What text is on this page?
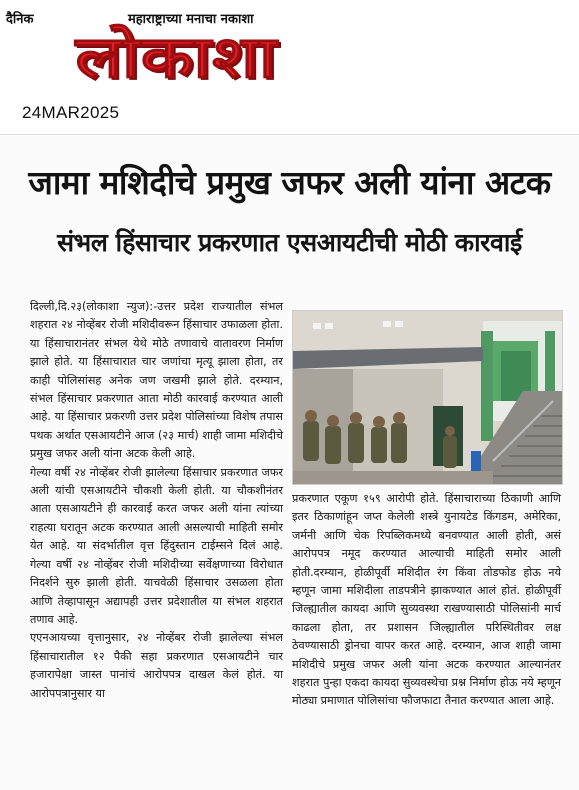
दैनिक	महाराष्ट्राच्या मनाचा नकाशा
लोकाशा
24MAR2025
जामा मशिदीचे प्रमुख जफर अली यांना अटक
संभल हिंसाचार प्रकरणात एसआयटीची मोठी कारवाई

दिल्ली,दि.२३(लोकाशा न्युज):-उत्तर प्रदेश राज्यातील संभल शहरात २४ नोव्हेंबर रोजी मशिदीवरून हिंसाचार उफाळला होता. या हिंसाचारानंतर संभल येथे मोठे तणावाचे वातावरण निर्माण झाले होते. या हिंसाचारात चार जणांचा मृत्यू झाला होता, तर काही पोलिसांसह अनेक जण जखमी झाले होते. दरम्यान, संभल हिंसाचार प्रकरणात आता मोठी कारवाई करण्यात आली आहे. या हिंसाचार प्रकरणी उत्तर प्रदेश पोलिसांच्या विशेष तपास पथक अर्थात एसआयटीने आज (२३ मार्च) शाही जामा मशिदीचे प्रमुख जफर अली यांना अटक केली आहे.

गेल्या वर्षी २४ नोव्हेंबर रोजी झालेल्या हिंसाचार प्रकरणात जफर अली यांची एसआयटीने चौकशी केली होती. या चौकशीनंतर आता एसआयटीने ही कारवाई करत जफर अली यांना त्यांच्या राहत्या घरातून अटक करण्यात आली असल्याची माहिती समोर येत आहे. या संदर्भातील वृत्त हिंदुस्तान टाईम्सने दिलं आहे. गेल्या वर्षी २४ नोव्हेंबर रोजी मशिदीच्या सर्वेक्षणाच्या विरोधात निदर्शने सुरु झाली होती. याचवेळी हिंसाचार उसळला होता आणि तेव्हापासून अद्यापही उत्तर प्रदेशातील या संभल शहरात तणाव आहे.

एएनआयच्या वृत्तानुसार, २४ नोव्हेंबर रोजी झालेल्या संभल हिंसाचारातील १२ पैकी सहा प्रकरणात एसआयटीने चार हजारापेक्षा जास्त पानांचं आरोपपत्र दाखल केलं होतं. या आरोपपत्रानुसार या

प्रकरणात एकूण १५९ आरोपी होते. हिंसाचाराच्या ठिकाणी आणि इतर ठिकाणांहून जप्त केलेली शस्त्रे युनायटेड किंगडम, अमेरिका, जर्मनी आणि चेक रिपब्लिकमध्ये बनवण्यात आली होती, असं आरोपपत्र नमूद करण्यात आल्याची माहिती समोर आली होती.दरम्यान, होळीपूर्वी मशिदीत रंग किंवा तोडफोड होऊ नये म्हणून जामा मशिदीला ताडपत्रीने झाकण्यात आलं होतं. होळीपूर्वी जिल्ह्यातील कायदा आणि सुव्यवस्था राखण्यासाठी पोलिसांनी मार्च काढला होता, तर प्रशासन जिल्ह्यातील परिस्थितीवर लक्ष ठेवण्यासाठी ड्रोनचा वापर करत आहे. दरम्यान, आज शाही जामा मशिदीचे प्रमुख जफर अली यांना अटक करण्यात आल्यानंतर शहरात पुन्हा एकदा कायदा सुव्यवस्थेचा प्रश्न निर्माण होऊ नये म्हणून मोठ्या प्रमाणात पोलिसांचा फौजफाटा तैनात करण्यात आला आहे.
